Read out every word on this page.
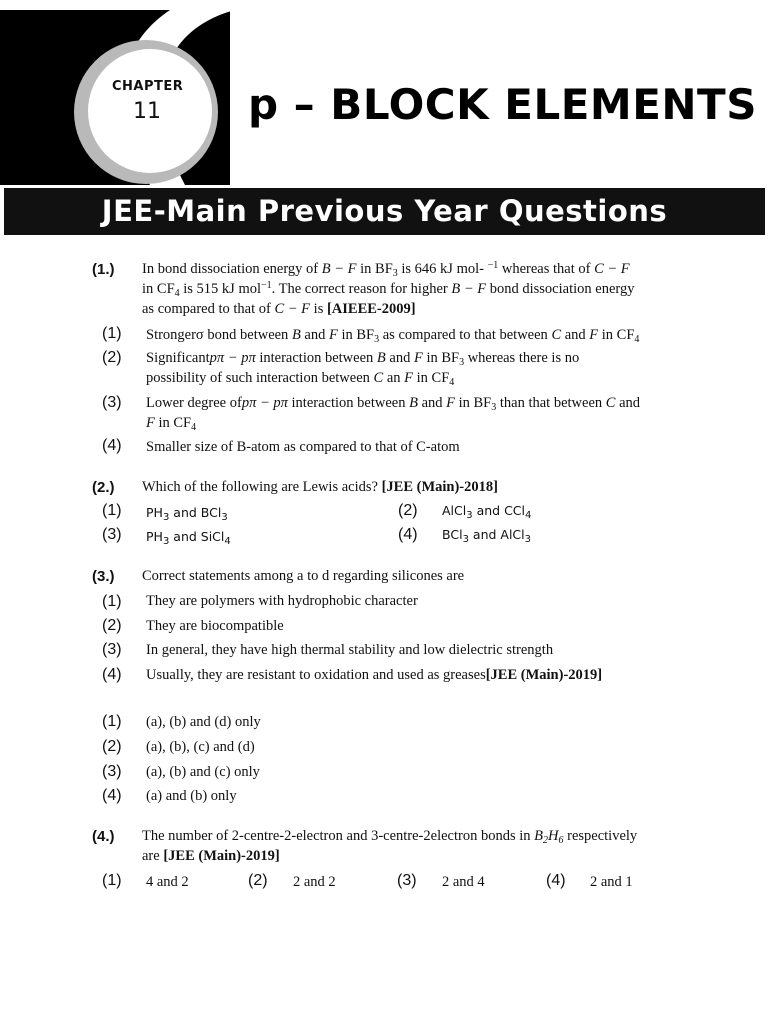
CHAPTER
11	p – BLOCK ELEMENTS
JEE-Main Previous Year Questions
(1.) In bond dissociation energy of B − F in $BF_3$ is 646 kJ mol- $^{-1}$ whereas that of C − F
in $CF_4$ is 515 kJ mol$^{-1}$. The correct reason for higher B − F bond dissociation energy
as compared to that of C − F is [AIEEE-2009]
(1) Strongerσ bond between B and F in $BF_3$ as compared to that between C and F in $CF_4$
(2) Significantpπ − pπ interaction between B and F in $BF_3$ whereas there is no
possibility of such interaction between C an F in $CF_4$
(3) Lower degree ofpπ − pπ interaction between B and F in $BF_3$ than that between C and
F in $CF_4$
(4) Smaller size of B-atom as compared to that of C-atom
(2.) Which of the following are Lewis acids? [JEE (Main)-2018]
(1) $PH_3$ and BCl$_3$	(2) AlCl$_3$ and CCl$_4$
(3) $PH_3$ and SiCl$_4$	(4) BCl$_3$ and AlCl$_3$
(3.) Correct statements among a to d regarding silicones are
(1) They are polymers with hydrophobic character
(2) They are biocompatible
(3) In general, they have high thermal stability and low dielectric strength
(4) Usually, they are resistant to oxidation and used as greases[JEE (Main)-2019]
(1) (a), (b) and (d) only
(2) (a), (b), (c) and (d)
(3) (a), (b) and (c) only
(4) (a) and (b) only
(4.) The number of 2-centre-2-electron and 3-centre-2electron bonds in $B_2H_6$ respectively
are [JEE (Main)-2019]
(1) 4 and 2	(2) 2 and 2	(3) 2 and 4	(4) 2 and 1
